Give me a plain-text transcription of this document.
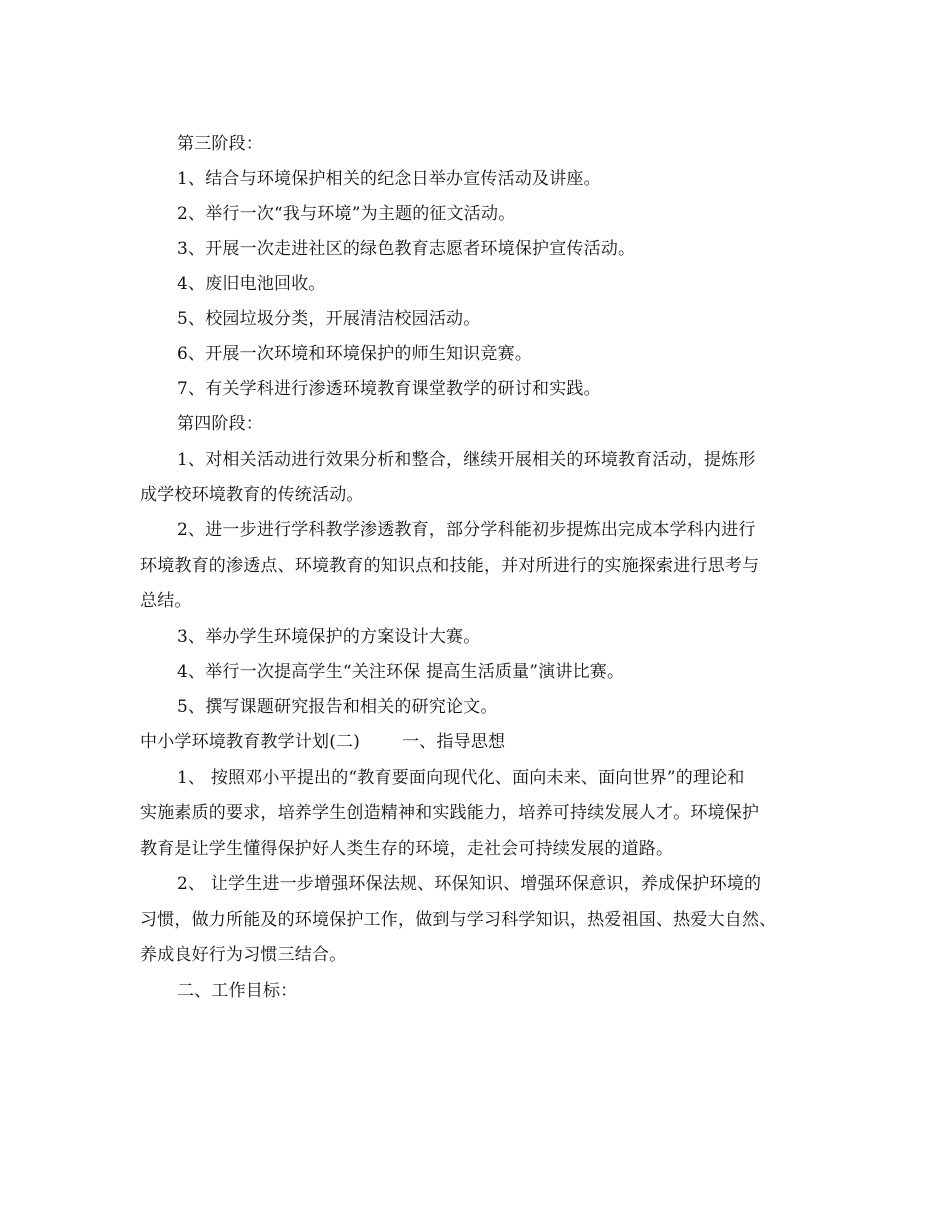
第三阶段：
1、结合与环境保护相关的纪念日举办宣传活动及讲座。
2、举行一次“我与环境”为主题的征文活动。
3、开展一次走进社区的绿色教育志愿者环境保护宣传活动。
4、废旧电池回收。
5、校园垃圾分类，开展清洁校园活动。
6、开展一次环境和环境保护的师生知识竞赛。
7、有关学科进行渗透环境教育课堂教学的研讨和实践。
第四阶段：
1、对相关活动进行效果分析和整合，继续开展相关的环境教育活动，提炼形
成学校环境教育的传统活动。
2、进一步进行学科教学渗透教育，部分学科能初步提炼出完成本学科内进行
环境教育的渗透点、环境教育的知识点和技能，并对所进行的实施探索进行思考与
总结。
3、举办学生环境保护的方案设计大赛。
4、举行一次提高学生“关注环保 提高生活质量”演讲比赛。
5、撰写课题研究报告和相关的研究论文。
中小学环境教育教学计划(二) 一、指导思想
1、 按照邓小平提出的“教育要面向现代化、面向未来、面向世界”的理论和
实施素质的要求，培养学生创造精神和实践能力，培养可持续发展人才。环境保护
教育是让学生懂得保护好人类生存的环境，走社会可持续发展的道路。
2、 让学生进一步增强环保法规、环保知识、增强环保意识，养成保护环境的
习惯，做力所能及的环境保护工作，做到与学习科学知识，热爱祖国、热爱大自然、
养成良好行为习惯三结合。
二、工作目标：
